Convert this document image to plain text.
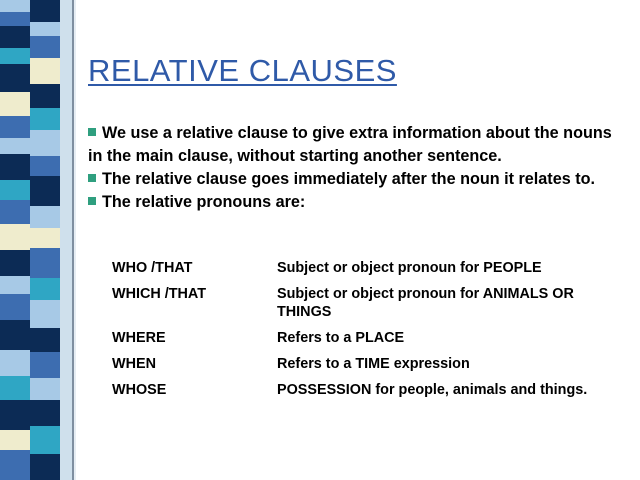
RELATIVE CLAUSES
We use a relative clause to give extra information about the nouns in the main clause, without starting another sentence.
The relative clause goes immediately after the noun it relates to.
The relative pronouns are:
WHO /THAT	Subject or object pronoun for PEOPLE
WHICH /THAT	Subject or object pronoun for ANIMALS OR THINGS
WHERE	Refers to a PLACE
WHEN	Refers to a TIME expression
WHOSE	POSSESSION for people, animals and things.
